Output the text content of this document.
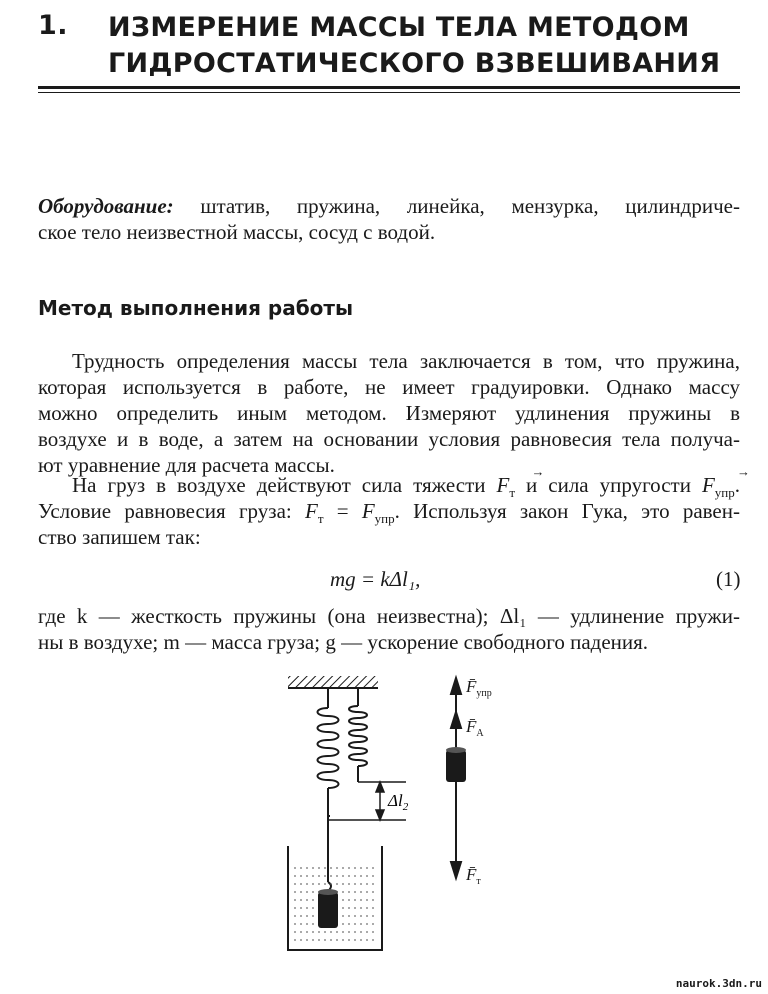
1. ИЗМЕРЕНИЕ МАССЫ ТЕЛА МЕТОДОМ
ГИДРОСТАТИЧЕСКОГО ВЗВЕШИВАНИЯ
Оборудование: штатив, пружина, линейка, мензурка, цилиндриче-
ское тело неизвестной массы, сосуд с водой.
Метод выполнения работы
Трудность определения массы тела заключается в том, что пружина,
которая используется в работе, не имеет градуировки. Однако массу
можно определить иным методом. Измеряют удлинения пружины в
воздухе и в воде, а затем на основании условия равновесия тела получа-
ют уравнение для расчета массы.
На груз в воздухе действуют сила тяжести → $F_т$ и сила упругости → $F_{упр}$.
Условие равновесия груза: $F_т = F_{упр}$. Используя закон Гука, это равен-
ство запишем так:
mg = kΔl₁,	(1)
где k — жесткость пружины (она неизвестна); Δl₁ — удлинение пружи-
ны в воздухе; m — масса груза; g — ускорение свободного падения.
$\Delta l_2$
$F̄_{упр}$
$F̄_A$
$F̄_т$
naurok.3dn.ru
